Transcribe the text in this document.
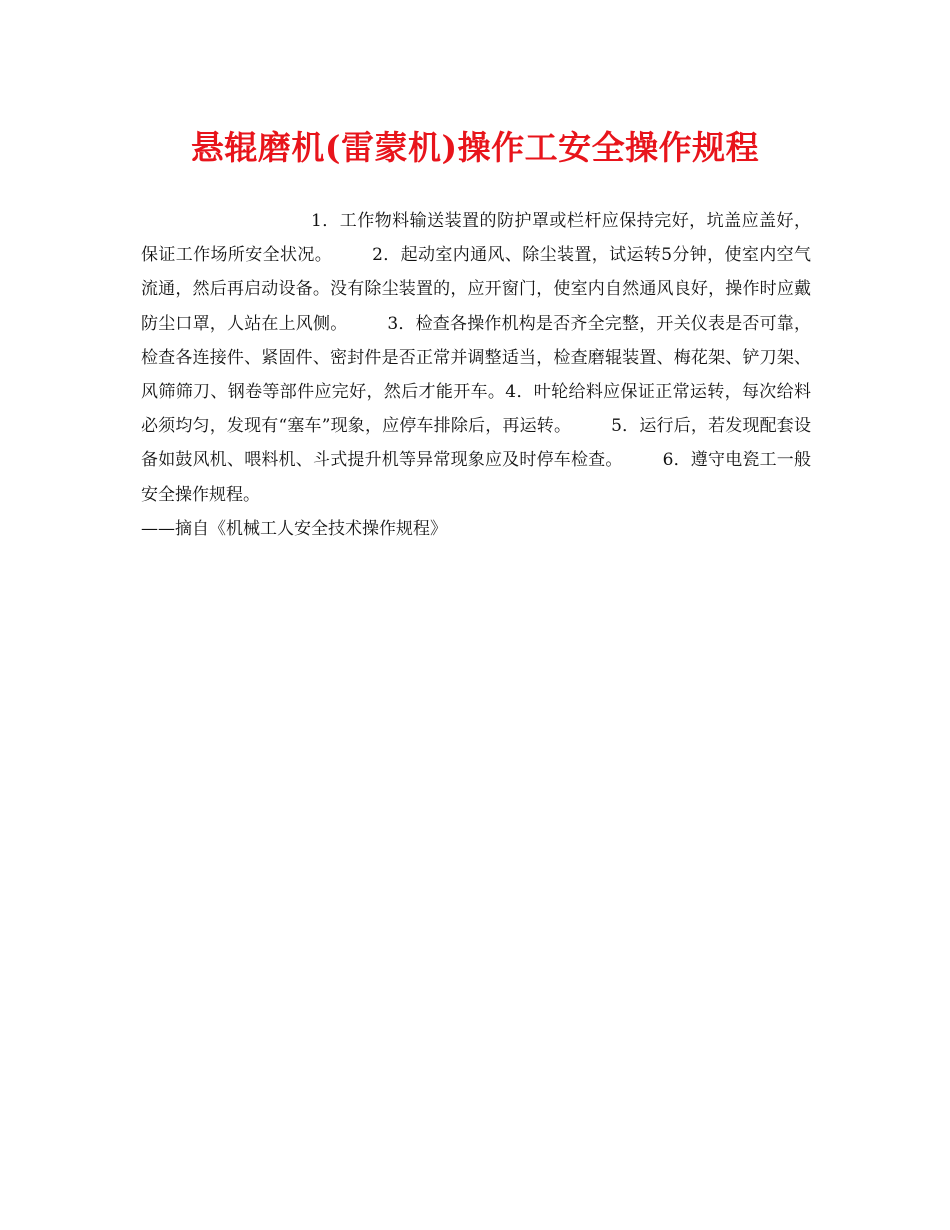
悬辊磨机(雷蒙机)操作工安全操作规程

1．工作物料输送装置的防护罩或栏杆应保持完好，坑盖应盖好，保证工作场所安全状况。 2．起动室内通风、除尘装置，试运转5分钟，使室内空气流通，然后再启动设备。没有除尘装置的，应开窗门，使室内自然通风良好，操作时应戴防尘口罩，人站在上风侧。 3．检查各操作机构是否齐全完整，开关仪表是否可靠，检查各连接件、紧固件、密封件是否正常并调整适当，检查磨辊装置、梅花架、铲刀架、风筛筛刀、钢卷等部件应完好，然后才能开车。4．叶轮给料应保证正常运转，每次给料必须均匀，发现有“塞车”现象，应停车排除后，再运转。 5．运行后，若发现配套设备如鼓风机、喂料机、斗式提升机等异常现象应及时停车检查。 6．遵守电瓷工一般安全操作规程。
——摘自《机械工人安全技术操作规程》
